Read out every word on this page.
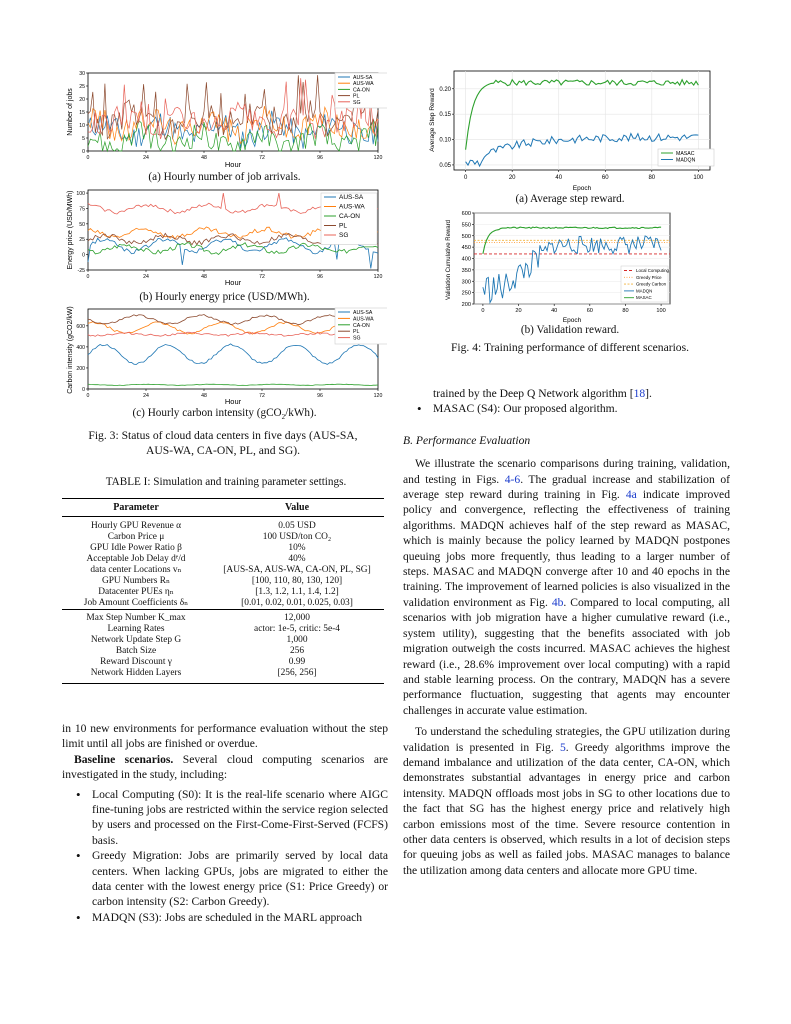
0
5
10
15
20
25
30
0	24	48	72	96	120
Number of jobs
Hour
AUS-SA
AUS-WA
CA-ON
PL
SG
(a) Hourly number of job arrivals.
-25
0
25
50
75
100
0	24	48	72	96	120
Energy price (USD/MWh)
Hour
AUS-SA
AUS-WA
CA-ON
PL
SG
(b) Hourly energy price (USD/MWh).
0
200
400
600
0	24	48	72	96	120
Carbon intensity (gCO2/kW)
Hour
AUS-SA
AUS-WA
CA-ON
PL
SG
(c) Hourly carbon intensity (gCO$_2$/kWh).
Fig. 3: Status of cloud data centers in five days (AUS-SA,
AUS-WA, CA-ON, PL, and SG).
TABLE I: Simulation and training parameter settings.
Parameter	Value
Hourly GPU Revenue α	0.05 USD
Carbon Price μ	100 USD/ton CO₂
GPU Idle Power Ratio β	10%
Acceptable Job Delay dᵉ/d	40%
data center Locations vₙ	[AUS-SA, AUS-WA, CA-ON, PL, SG]
GPU Numbers Rₙ	[100, 110, 80, 130, 120]
Datacenter PUEs ηₙ	[1.3, 1.2, 1.1, 1.4, 1.2]
Job Amount Coefficients δₙ	[0.01, 0.02, 0.01, 0.025, 0.03]
Max Step Number K_max	12,000
Learning Rates	actor: 1e-5, critic: 5e-4
Network Update Step G	1,000
Batch Size	256
Reward Discount γ	0.99
Network Hidden Layers	[256, 256]

in 10 new environments for performance evaluation without the step limit until all jobs are finished or overdue.

Baseline scenarios. Several cloud computing scenarios are investigated in the study, including:

• Local Computing (S0): It is the real-life scenario where AIGC fine-tuning jobs are restricted within the service region selected by users and processed on the First-Come-First-Served (FCFS) basis.
• Greedy Migration: Jobs are primarily served by local data centers. When lacking GPUs, jobs are migrated to either the data center with the lowest energy price (S1: Price Greedy) or carbon intensity (S2: Carbon Greedy).
• MADQN (S3): Jobs are scheduled in the MARL approach
0.05
0.10
0.15
0.20
0	20	40	60	80	100
Average Step Reward
Epoch
MASAC
MADQN
(a) Average step reward.
200
250
300
350
400
450
500
550
600
0	20	40	60	80	100
Validation Cumulative Reward
Epoch
Local Computing
Greedy Price
Greedy Carbon
MADQN
MASAC
(b) Validation reward.
Fig. 4: Training performance of different scenarios.
trained by the Deep Q Network algorithm [18].
• MASAC (S4): Our proposed algorithm.
B. Performance Evaluation

We illustrate the scenario comparisons during training, validation, and testing in Figs. 4-6. The gradual increase and stabilization of average step reward during training in Fig. 4a indicate improved policy and convergence, reflecting the effectiveness of training algorithms. MADQN achieves half of the step reward as MASAC, which is mainly because the policy learned by MADQN postpones queuing jobs more frequently, thus leading to a larger number of steps. MASAC and MADQN converge after 10 and 40 epochs in the training. The improvement of learned policies is also visualized in the validation environment as Fig. 4b. Compared to local computing, all scenarios with job migration have a higher cumulative reward (i.e., system utility), suggesting that the benefits associated with job migration outweigh the costs incurred. MASAC achieves the highest reward (i.e., 28.6% improvement over local computing) with a rapid and stable learning process. On the contrary, MADQN has a severe performance fluctuation, suggesting that agents may encounter challenges in accurate value estimation.

To understand the scheduling strategies, the GPU utilization during validation is presented in Fig. 5. Greedy algorithms improve the demand imbalance and utilization of the data center, CA-ON, which demonstrates substantial advantages in energy price and carbon intensity. MADQN offloads most jobs in SG to other locations due to the fact that SG has the highest energy price and relatively high carbon emissions most of the time. Severe resource contention in other data centers is observed, which results in a lot of decision steps for queuing jobs as well as failed jobs. MASAC manages to balance the utilization among data centers and allocate more GPU time.
